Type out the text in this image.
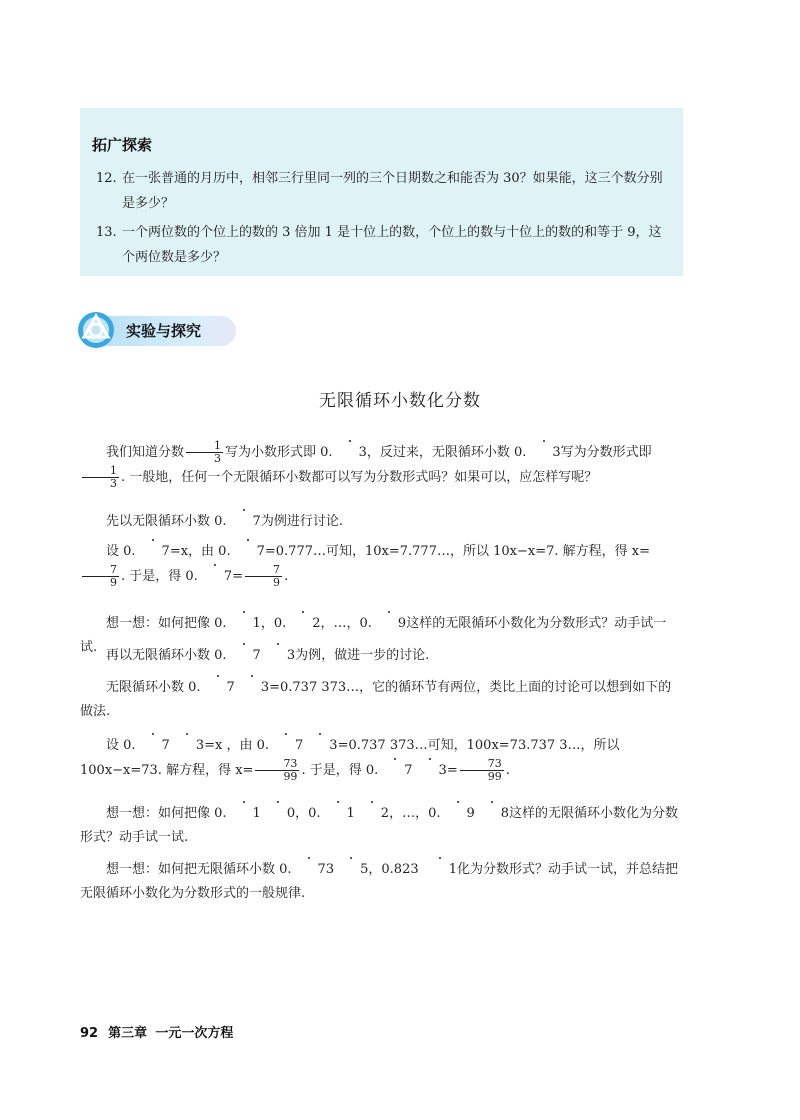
拓广探索
12. 在一张普通的月历中，相邻三行里同一列的三个日期数之和能否为 30？如果能，这三个数分别是多少？
13. 一个两位数的个位上的数的 3 倍加 1 是十位上的数，个位上的数与十位上的数的和等于 9，这个两位数是多少？
实验与探究
无限循环小数化分数
我们知道分数 $\frac{1}{3}$ 写为小数形式即 0. 3，反过来，无限循环小数 0. 3写为分数形式即
$\frac{1}{3}$ . 一般地，任何一个无限循环小数都可以写为分数形式吗？如果可以，应怎样写呢？
先以无限循环小数 0. 7为例进行讨论.
设 0. 7=x，由 0. 7=0.777…可知，10x=7.777…，所以 10x−x=7. 解方程，得 x=
$\frac{7}{9}$ . 于是，得 0. $7= \frac{7}{9}$ .
想一想：如何把像 0. 1，0. 2，…，0. 9这样的无限循环小数化为分数形式？动手试一试.
再以无限循环小数 0. 7 3为例，做进一步的讨论.
无限循环小数 0. 7 3=0.737 373…，它的循环节有两位，类比上面的讨论可以想到如下的做法.
设 0. 7 3=x ，由 0. 7 3=0.737 373…可知，100x=73.737 3…，所以 100x−x=73. 解方程，得 $x= \frac{73}{99}$ . 于是，得 0. 7 $3= \frac{73}{99}$ .
想一想：如何把像 0. 1 0，0. 1 2，…，0. 9 8这样的无限循环小数化为分数形式？动手试一试.
想一想：如何把无限循环小数 0. 73 5，0.823 1化为分数形式？动手试一试，并总结把无限循环小数化为分数形式的一般规律.
92 第三章 一元一次方程
